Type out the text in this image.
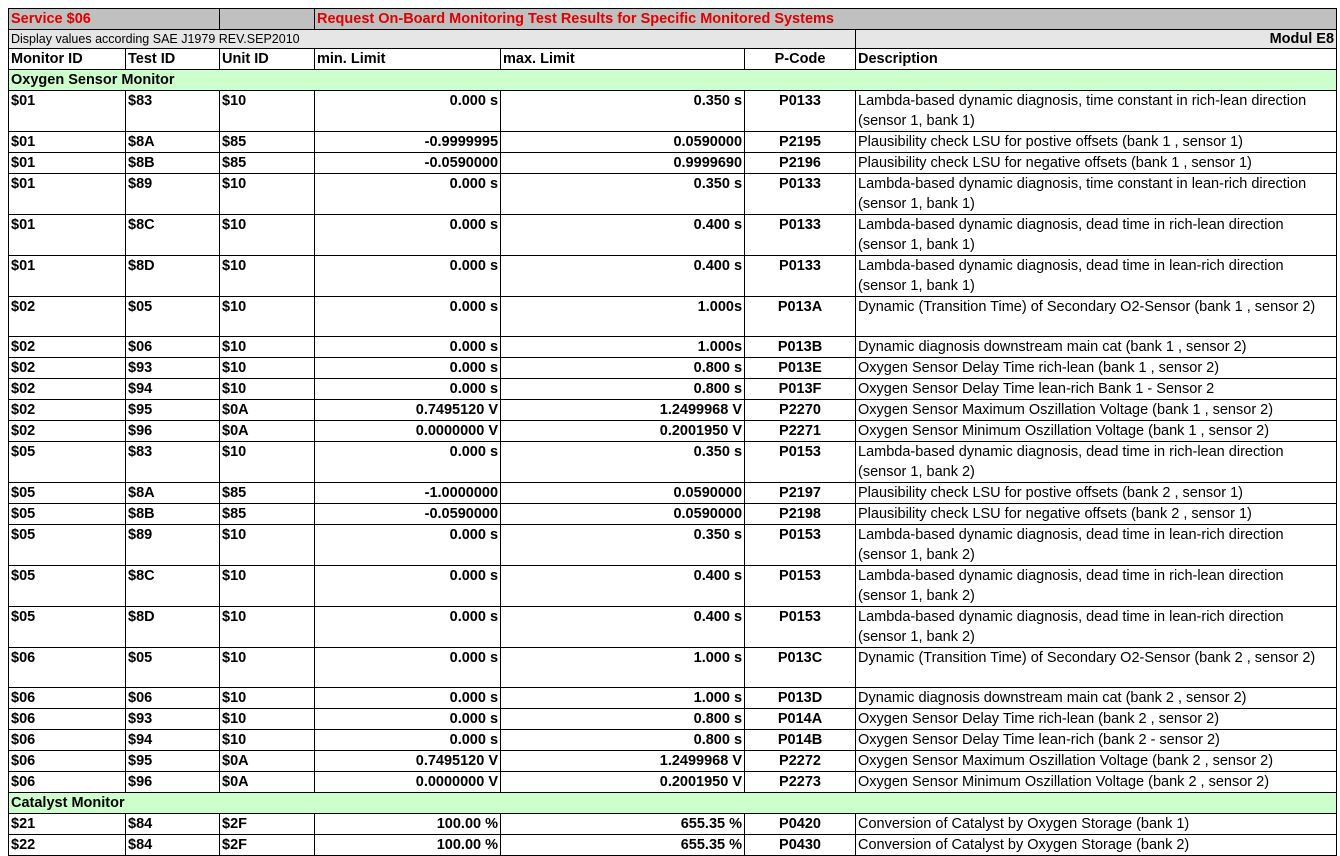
Service $06			Request On-Board Monitoring Test Results for Specific Monitored Systems			
Display values according SAE J1979 REV.SEP2010						Modul E8
Monitor ID	Test ID	Unit ID	min. Limit	max. Limit	P-Code	Description
Oxygen Sensor Monitor						
$01	$83	$10	0.000 s	0.350 s	P0133	Lambda-based dynamic diagnosis, time constant in rich-lean direction (sensor 1, bank 1)
$01	$8A	$85	-0.9999995	0.0590000	P2195	Plausibility check LSU for postive offsets (bank 1 , sensor 1)
$01	$8B	$85	-0.0590000	0.9999690	P2196	Plausibility check LSU for negative offsets (bank 1 , sensor 1)
$01	$89	$10	0.000 s	0.350 s	P0133	Lambda-based dynamic diagnosis, time constant in lean-rich direction (sensor 1, bank 1)
$01	$8C	$10	0.000 s	0.400 s	P0133	Lambda-based dynamic diagnosis, dead time in rich-lean direction (sensor 1, bank 1)
$01	$8D	$10	0.000 s	0.400 s	P0133	Lambda-based dynamic diagnosis, dead time in lean-rich direction (sensor 1, bank 1)
$02	$05	$10	0.000 s	1.000s	P013A	Dynamic (Transition Time) of Secondary O2-Sensor (bank 1 , sensor 2)
$02	$06	$10	0.000 s	1.000s	P013B	Dynamic diagnosis downstream main cat (bank 1 , sensor 2)
$02	$93	$10	0.000 s	0.800 s	P013E	Oxygen Sensor Delay Time rich-lean (bank 1 , sensor 2)
$02	$94	$10	0.000 s	0.800 s	P013F	Oxygen Sensor Delay Time lean-rich Bank 1 - Sensor 2
$02	$95	$0A	0.7495120 V	1.2499968 V	P2270	Oxygen Sensor Maximum Oszillation Voltage (bank 1 , sensor 2)
$02	$96	$0A	0.0000000 V	0.2001950 V	P2271	Oxygen Sensor Minimum Oszillation Voltage (bank 1 , sensor 2)
$05	$83	$10	0.000 s	0.350 s	P0153	Lambda-based dynamic diagnosis, dead time in rich-lean direction (sensor 1, bank 2)
$05	$8A	$85	-1.0000000	0.0590000	P2197	Plausibility check LSU for postive offsets (bank 2 , sensor 1)
$05	$8B	$85	-0.0590000	0.0590000	P2198	Plausibility check LSU for negative offsets (bank 2 , sensor 1)
$05	$89	$10	0.000 s	0.350 s	P0153	Lambda-based dynamic diagnosis, dead time in lean-rich direction (sensor 1, bank 2)
$05	$8C	$10	0.000 s	0.400 s	P0153	Lambda-based dynamic diagnosis, dead time in rich-lean direction (sensor 1, bank 2)
$05	$8D	$10	0.000 s	0.400 s	P0153	Lambda-based dynamic diagnosis, dead time in lean-rich direction (sensor 1, bank 2)
$06	$05	$10	0.000 s	1.000 s	P013C	Dynamic (Transition Time) of Secondary O2-Sensor (bank 2 , sensor 2)
$06	$06	$10	0.000 s	1.000 s	P013D	Dynamic diagnosis downstream main cat (bank 2 , sensor 2)
$06	$93	$10	0.000 s	0.800 s	P014A	Oxygen Sensor Delay Time rich-lean (bank 2 , sensor 2)
$06	$94	$10	0.000 s	0.800 s	P014B	Oxygen Sensor Delay Time lean-rich (bank 2 - sensor 2)
$06	$95	$0A	0.7495120 V	1.2499968 V	P2272	Oxygen Sensor Maximum Oszillation Voltage (bank 2 , sensor 2)
$06	$96	$0A	0.0000000 V	0.2001950 V	P2273	Oxygen Sensor Minimum Oszillation Voltage (bank 2 , sensor 2)
Catalyst Monitor						
$21	$84	$2F	100.00 %	655.35 %	P0420	Conversion of Catalyst by Oxygen Storage (bank 1)
$22	$84	$2F	100.00 %	655.35 %	P0430	Conversion of Catalyst by Oxygen Storage (bank 2)
